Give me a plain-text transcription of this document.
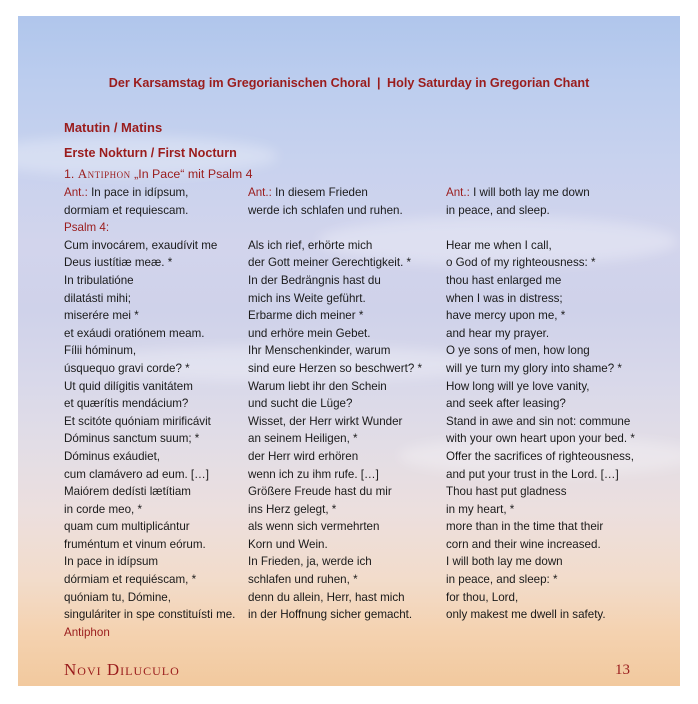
Der Karsamstag im Gregorianischen Choral | Holy Saturday in Gregorian Chant
Matutin / Matins
Erste Nokturn / First Nocturn
1. Antiphon „In Pace“ mit Psalm 4
Ant.: In pace in idípsum,
dormiam et requiescam.
Psalm 4:
Cum invocárem, exaudívit me
Deus iustítiæ meæ. *
In tribulatióne
dilatásti mihi;
miserére mei *
et exáudi oratiónem meam.
Fílii hóminum,
úsquequo gravi corde? *
Ut quid dilígitis vanitátem
et quærítis mendácium?
Et scitóte quóniam mirificávit
Dóminus sanctum suum; *
Dóminus exáudiet,
cum clamávero ad eum. […]
Maiórem dedísti lætítiam
in corde meo, *
quam cum multiplicántur
fruméntum et vinum eórum.
In pace in idípsum
dórmiam et requiéscam, *
quóniam tu, Dómine,
singuláriter in spe constituísti me.
Antiphon
Ant.: In diesem Frieden
werde ich schlafen und ruhen.
Als ich rief, erhörte mich
der Gott meiner Gerechtigkeit. *
In der Bedrängnis hast du
mich ins Weite geführt.
Erbarme dich meiner *
und erhöre mein Gebet.
Ihr Menschenkinder, warum
sind eure Herzen so beschwert? *
Warum liebt ihr den Schein
und sucht die Lüge?
Wisset, der Herr wirkt Wunder
an seinem Heiligen, *
der Herr wird erhören
wenn ich zu ihm rufe. […]
Größere Freude hast du mir
ins Herz gelegt, *
als wenn sich vermehrten
Korn und Wein.
In Frieden, ja, werde ich
schlafen und ruhen, *
denn du allein, Herr, hast mich
in der Hoffnung sicher gemacht.
Ant.: I will both lay me down
in peace, and sleep.
Hear me when I call,
o God of my righteousness: *
thou hast enlarged me
when I was in distress;
have mercy upon me, *
and hear my prayer.
O ye sons of men, how long
will ye turn my glory into shame? *
How long will ye love vanity,
and seek after leasing?
Stand in awe and sin not: commune
with your own heart upon your bed. *
Offer the sacrifices of righteousness,
and put your trust in the Lord. […]
Thou hast put gladness
in my heart, *
more than in the time that their
corn and their wine increased.
I will both lay me down
in peace, and sleep: *
for thou, Lord,
only makest me dwell in safety.
Novi Diluculo	13
